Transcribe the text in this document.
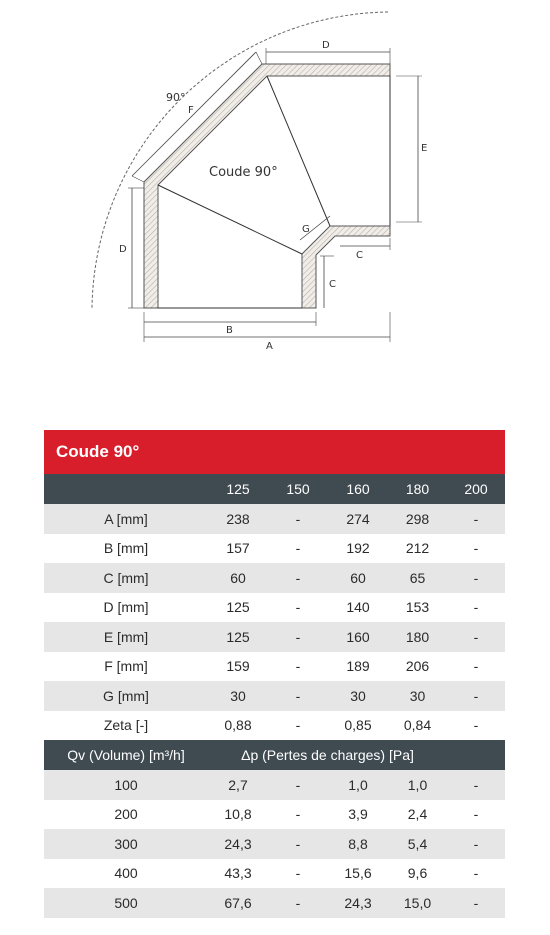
90°
Coude 90°
F
D
E
D
G
C
C
B
A
Coude 90°
	125	150	160	180	200
A [mm]	238	-	274	298	-
B [mm]	157	-	192	212	-
C [mm]	60	-	60	65	-
D [mm]	125	-	140	153	-
E [mm]	125	-	160	180	-
F [mm]	159	-	189	206	-
G [mm]	30	-	30	30	-
Zeta [-]	0,88	-	0,85	0,84	-
Qv (Volume) [m³/h]	Δp (Pertes de charges) [Pa]				
100	2,7	-	1,0	1,0	-
200	10,8	-	3,9	2,4	-
300	24,3	-	8,8	5,4	-
400	43,3	-	15,6	9,6	-
500	67,6	-	24,3	15,0	-
